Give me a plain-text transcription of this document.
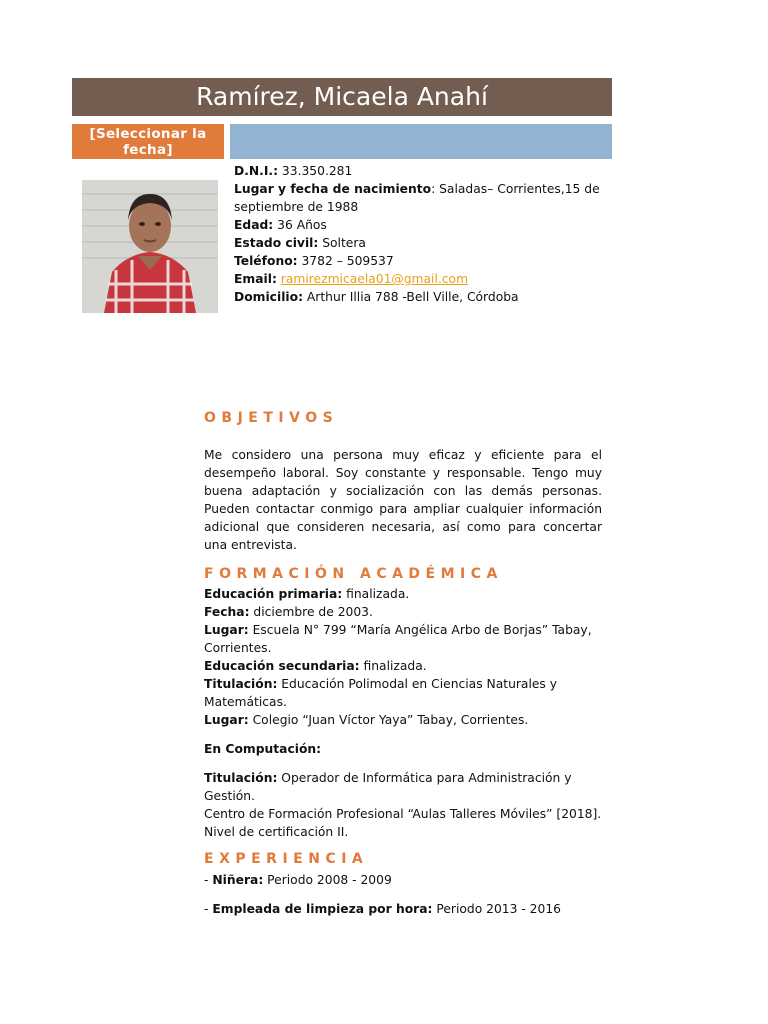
Ramírez, Micaela Anahí
[Seleccionar la fecha]
D.N.I.: 33.350.281
Lugar y fecha de nacimiento: Saladas– Corrientes,15 de septiembre de 1988
Edad: 36 Años
Estado civil: Soltera
Teléfono: 3782 – 509537
Email: ramirezmicaela01@gmail.com
Domicilio: Arthur Illia 788 -Bell Ville, Córdoba
OBJETIVOS
Me considero una persona muy eficaz y eficiente para el desempeño laboral. Soy constante y responsable. Tengo muy buena adaptación y socialización con las demás personas. Pueden contactar conmigo para ampliar cualquier información adicional que consideren necesaria, así como para concertar una entrevista.
FORMACIÓN ACADÉMICA

Educación primaria: finalizada.

Fecha: diciembre de 2003.

Lugar: Escuela N° 799 “María Angélica Arbo de Borjas” Tabay, Corrientes.

Educación secundaria: finalizada.

Titulación: Educación Polimodal en Ciencias Naturales y Matemáticas.

Lugar: Colegio “Juan Víctor Yaya” Tabay, Corrientes.

En Computación:

Titulación: Operador de Informática para Administración y Gestión.

Centro de Formación Profesional “Aulas Talleres Móviles” [2018].

Nivel de certificación II.

EXPERIENCIA

- Niñera: Periodo 2008 - 2009

- Empleada de limpieza por hora: Periodo 2013 - 2016
